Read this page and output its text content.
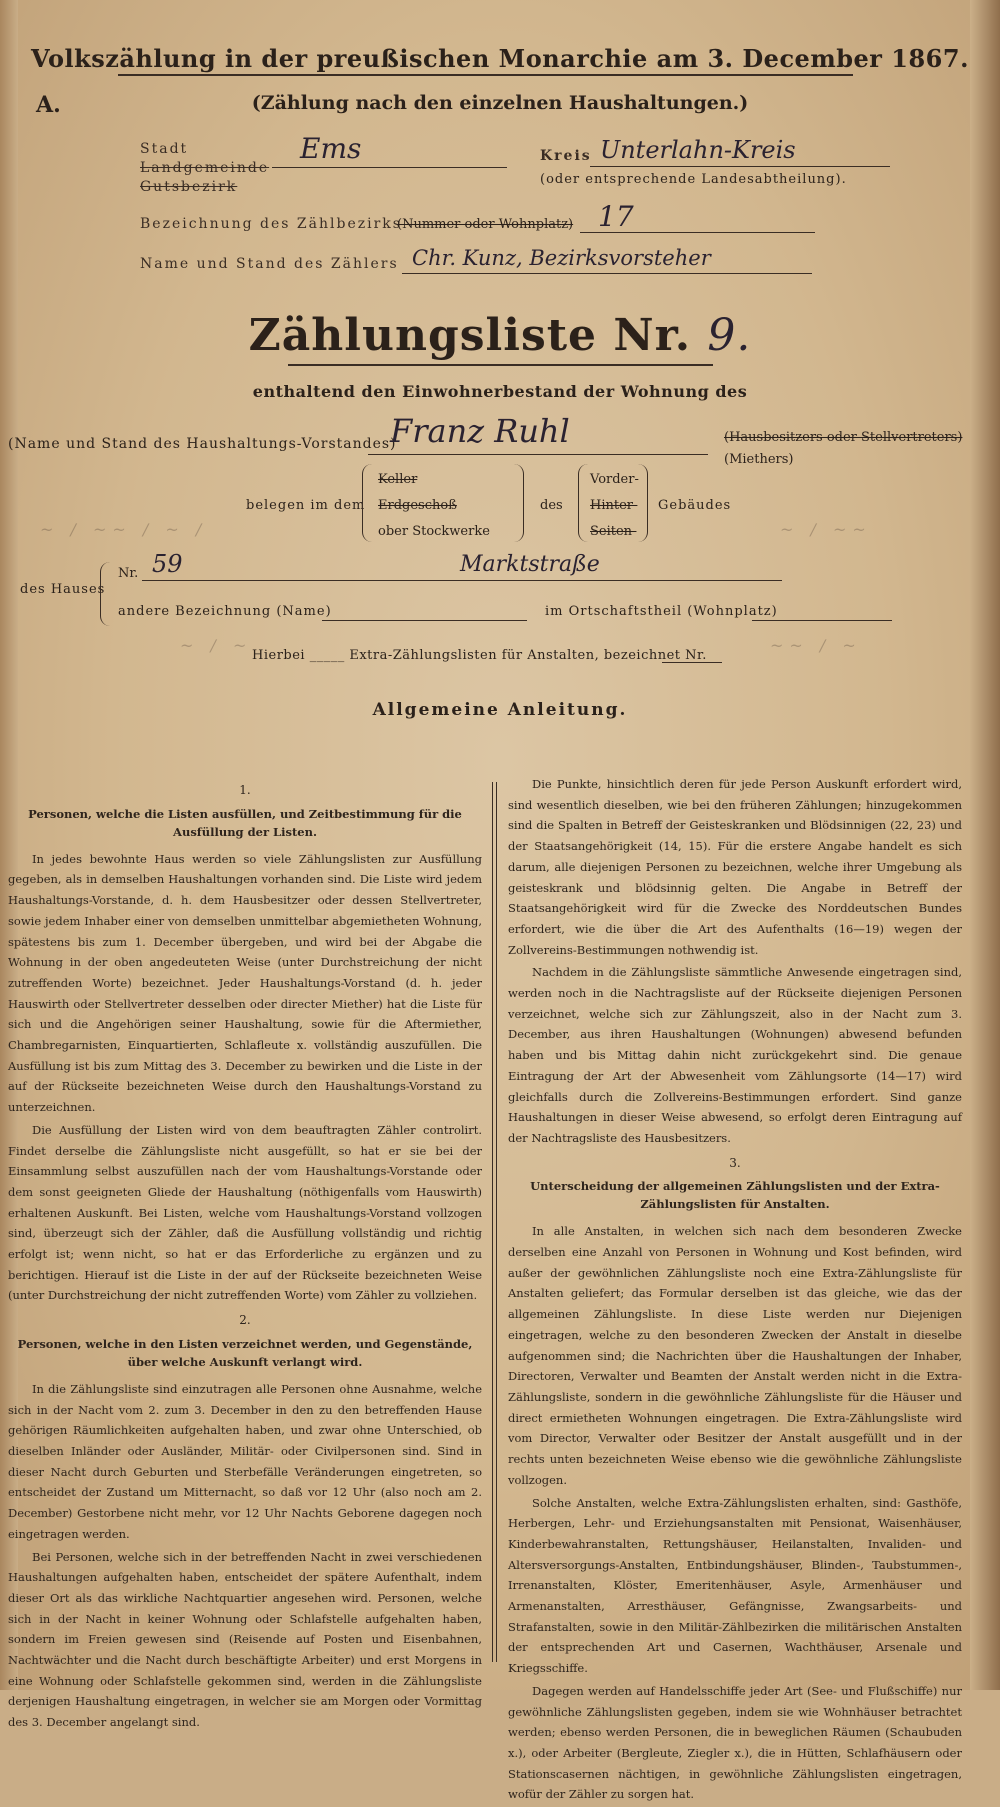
Volkszählung in der preußischen Monarchie am 3. December 1867.
A.	(Zählung nach den einzelnen Haushaltungen.)
Stadt
Landgemeinde
Gutsbezirk
Ems	Kreis Unterlahn-Kreis
(oder entsprechende Landesabtheilung).
Bezeichnung des Zählbezirks
(Nummer oder Wohnplatz) 17
Name und Stand des Zählers Chr. Kunz, Bezirksvorsteher
Zählungsliste Nr. 9.
enthaltend den Einwohnerbestand der Wohnung des
(Name und Stand des Haushaltungs-Vorstandes)
Franz Ruhl	(Hausbesitzers oder Stellvertreters)
(Miethers)
belegen im dem
Keller
Erdgeschoß
ober Stockwerke
des
Vorder-
Hinter-
Seiten-
Gebäudes
des Hauses
Nr. 59	Marktstraße
andere Bezeichnung (Name)	im Ortschaftstheil (Wohnplatz)
Hierbei _____ Extra-Zählungslisten für Anstalten, bezeichnet Nr.
~ ∕ ~~ ∕ ~ ∕	~ ∕ ~~
~ ∕ ~	~~ ∕ ~
Allgemeine Anleitung.
1.
Personen, welche die Listen ausfüllen, und Zeitbestimmung für die Ausfüllung der Listen.

In jedes bewohnte Haus werden so viele Zählungslisten zur Ausfüllung gegeben, als in demselben Haushaltungen vorhanden sind. Die Liste wird jedem Haushaltungs-Vorstande, d. h. dem Hausbesitzer oder dessen Stellvertreter, sowie jedem Inhaber einer von demselben unmittelbar abgemietheten Wohnung, spätestens bis zum 1. December übergeben, und wird bei der Abgabe die Wohnung in der oben angedeuteten Weise (unter Durchstreichung der nicht zutreffenden Worte) bezeichnet. Jeder Haushaltungs-Vorstand (d. h. jeder Hauswirth oder Stellvertreter desselben oder directer Miether) hat die Liste für sich und die Angehörigen seiner Haushaltung, sowie für die Aftermiether, Chambregarnisten, Einquartierten, Schlafleute x. vollständig auszufüllen. Die Ausfüllung ist bis zum Mittag des 3. December zu bewirken und die Liste in der auf der Rückseite bezeichneten Weise durch den Haushaltungs-Vorstand zu unterzeichnen.

Die Ausfüllung der Listen wird von dem beauftragten Zähler controlirt. Findet derselbe die Zählungsliste nicht ausgefüllt, so hat er sie bei der Einsammlung selbst auszufüllen nach der vom Haushaltungs-Vorstande oder dem sonst geeigneten Gliede der Haushaltung (nöthigenfalls vom Hauswirth) erhaltenen Auskunft. Bei Listen, welche vom Haushaltungs-Vorstand vollzogen sind, überzeugt sich der Zähler, daß die Ausfüllung vollständig und richtig erfolgt ist; wenn nicht, so hat er das Erforderliche zu ergänzen und zu berichtigen. Hierauf ist die Liste in der auf der Rückseite bezeichneten Weise (unter Durchstreichung der nicht zutreffenden Worte) vom Zähler zu vollziehen.

2.
Personen, welche in den Listen verzeichnet werden, und Gegenstände, über welche Auskunft verlangt wird.

In die Zählungsliste sind einzutragen alle Personen ohne Ausnahme, welche sich in der Nacht vom 2. zum 3. December in den zu den betreffenden Hause gehörigen Räumlichkeiten aufgehalten haben, und zwar ohne Unterschied, ob dieselben Inländer oder Ausländer, Militär- oder Civilpersonen sind. Sind in dieser Nacht durch Geburten und Sterbefälle Veränderungen eingetreten, so entscheidet der Zustand um Mitternacht, so daß vor 12 Uhr (also noch am 2. December) Gestorbene nicht mehr, vor 12 Uhr Nachts Geborene dagegen noch eingetragen werden.

Bei Personen, welche sich in der betreffenden Nacht in zwei verschiedenen Haushaltungen aufgehalten haben, entscheidet der spätere Aufenthalt, indem dieser Ort als das wirkliche Nachtquartier angesehen wird. Personen, welche sich in der Nacht in keiner Wohnung oder Schlafstelle aufgehalten haben, sondern im Freien gewesen sind (Reisende auf Posten und Eisenbahnen, Nachtwächter und die Nacht durch beschäftigte Arbeiter) und erst Morgens in eine Wohnung oder Schlafstelle gekommen sind, werden in die Zählungsliste derjenigen Haushaltung eingetragen, in welcher sie am Morgen oder Vormittag des 3. December angelangt sind.

Die Punkte, hinsichtlich deren für jede Person Auskunft erfordert wird, sind wesentlich dieselben, wie bei den früheren Zählungen; hinzugekommen sind die Spalten in Betreff der Geisteskranken und Blödsinnigen (22, 23) und der Staatsangehörigkeit (14, 15). Für die erstere Angabe handelt es sich darum, alle diejenigen Personen zu bezeichnen, welche ihrer Umgebung als geisteskrank und blödsinnig gelten. Die Angabe in Betreff der Staatsangehörigkeit wird für die Zwecke des Norddeutschen Bundes erfordert, wie die über die Art des Aufenthalts (16—19) wegen der Zollvereins-Bestimmungen nothwendig ist.

Nachdem in die Zählungsliste sämmtliche Anwesende eingetragen sind, werden noch in die Nachtragsliste auf der Rückseite diejenigen Personen verzeichnet, welche sich zur Zählungszeit, also in der Nacht zum 3. December, aus ihren Haushaltungen (Wohnungen) abwesend befunden haben und bis Mittag dahin nicht zurückgekehrt sind. Die genaue Eintragung der Art der Abwesenheit vom Zählungsorte (14—17) wird gleichfalls durch die Zollvereins-Bestimmungen erfordert. Sind ganze Haushaltungen in dieser Weise abwesend, so erfolgt deren Eintragung auf der Nachtragsliste des Hausbesitzers.

3.
Unterscheidung der allgemeinen Zählungslisten und der Extra-Zählungslisten für Anstalten.

In alle Anstalten, in welchen sich nach dem besonderen Zwecke derselben eine Anzahl von Personen in Wohnung und Kost befinden, wird außer der gewöhnlichen Zählungsliste noch eine Extra-Zählungsliste für Anstalten geliefert; das Formular derselben ist das gleiche, wie das der allgemeinen Zählungsliste. In diese Liste werden nur Diejenigen eingetragen, welche zu den besonderen Zwecken der Anstalt in dieselbe aufgenommen sind; die Nachrichten über die Haushaltungen der Inhaber, Directoren, Verwalter und Beamten der Anstalt werden nicht in die Extra-Zählungsliste, sondern in die gewöhnliche Zählungsliste für die Häuser und direct ermietheten Wohnungen eingetragen. Die Extra-Zählungsliste wird vom Director, Verwalter oder Besitzer der Anstalt ausgefüllt und in der rechts unten bezeichneten Weise ebenso wie die gewöhnliche Zählungsliste vollzogen.

Solche Anstalten, welche Extra-Zählungslisten erhalten, sind: Gasthöfe, Herbergen, Lehr- und Erziehungsanstalten mit Pensionat, Waisenhäuser, Kinderbewahranstalten, Rettungshäuser, Heilanstalten, Invaliden- und Altersversorgungs-Anstalten, Entbindungshäuser, Blinden-, Taubstummen-, Irrenanstalten, Klöster, Emeritenhäuser, Asyle, Armenhäuser und Armenanstalten, Arresthäuser, Gefängnisse, Zwangsarbeits- und Strafanstalten, sowie in den Militär-Zählbezirken die militärischen Anstalten der entsprechenden Art und Casernen, Wachthäuser, Arsenale und Kriegsschiffe.

Dagegen werden auf Handelsschiffe jeder Art (See- und Flußschiffe) nur gewöhnliche Zählungslisten gegeben, indem sie wie Wohnhäuser betrachtet werden; ebenso werden Personen, die in beweglichen Räumen (Schaubuden x.), oder Arbeiter (Bergleute, Ziegler x.), die in Hütten, Schlafhäusern oder Stationscasernen nächtigen, in gewöhnliche Zählungslisten eingetragen, wofür der Zähler zu sorgen hat.
